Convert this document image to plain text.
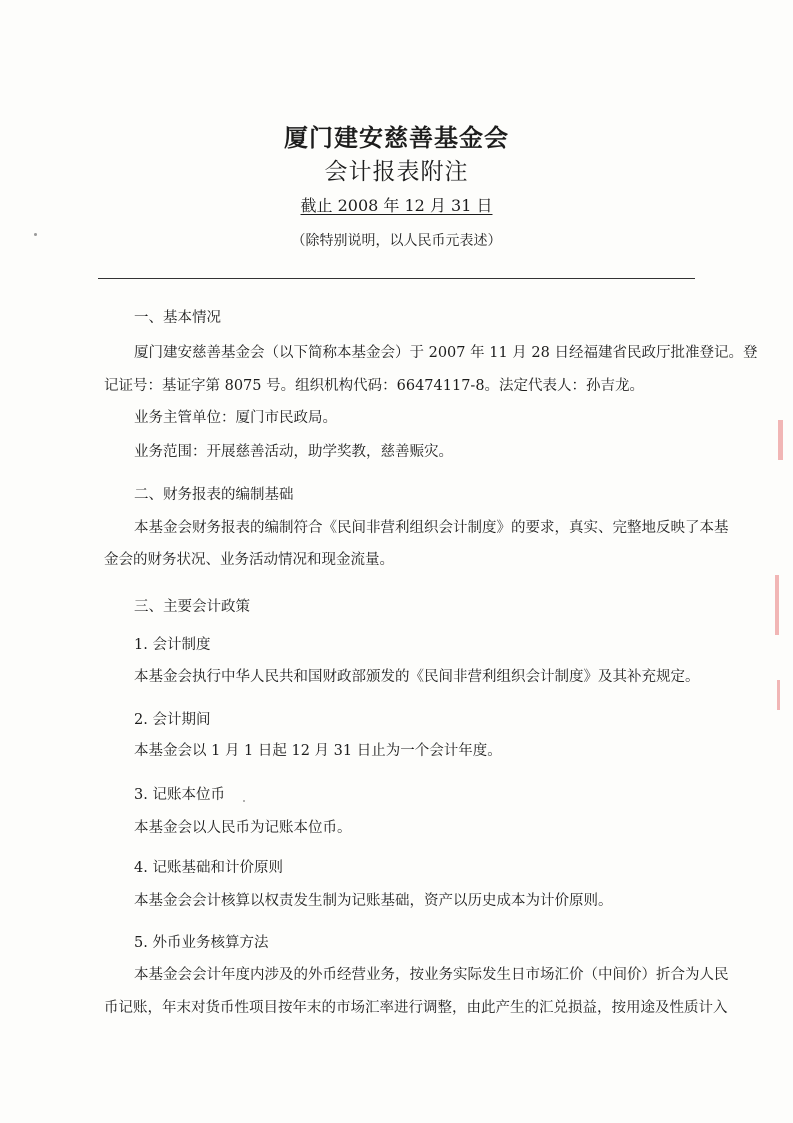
厦门建安慈善基金会
会计报表附注
截止 2008 年 12 月 31 日
（除特别说明，以人民币元表述）
一、基本情况
厦门建安慈善基金会（以下简称本基金会）于 2007 年 11 月 28 日经福建省民政厅批准登记。登
记证号：基证字第 8075 号。组织机构代码：66474117-8。法定代表人：孙吉龙。
业务主管单位：厦门市民政局。
业务范围：开展慈善活动，助学奖教，慈善赈灾。
二、财务报表的编制基础
本基金会财务报表的编制符合《民间非营利组织会计制度》的要求，真实、完整地反映了本基
金会的财务状况、业务活动情况和现金流量。
三、主要会计政策
1. 会计制度
本基金会执行中华人民共和国财政部颁发的《民间非营利组织会计制度》及其补充规定。
2. 会计期间
本基金会以 1 月 1 日起 12 月 31 日止为一个会计年度。
3. 记账本位币
本基金会以人民币为记账本位币。
4. 记账基础和计价原则
本基金会会计核算以权责发生制为记账基础，资产以历史成本为计价原则。
5. 外币业务核算方法
本基金会会计年度内涉及的外币经营业务，按业务实际发生日市场汇价（中间价）折合为人民
币记账，年末对货币性项目按年末的市场汇率进行调整，由此产生的汇兑损益，按用途及性质计入
